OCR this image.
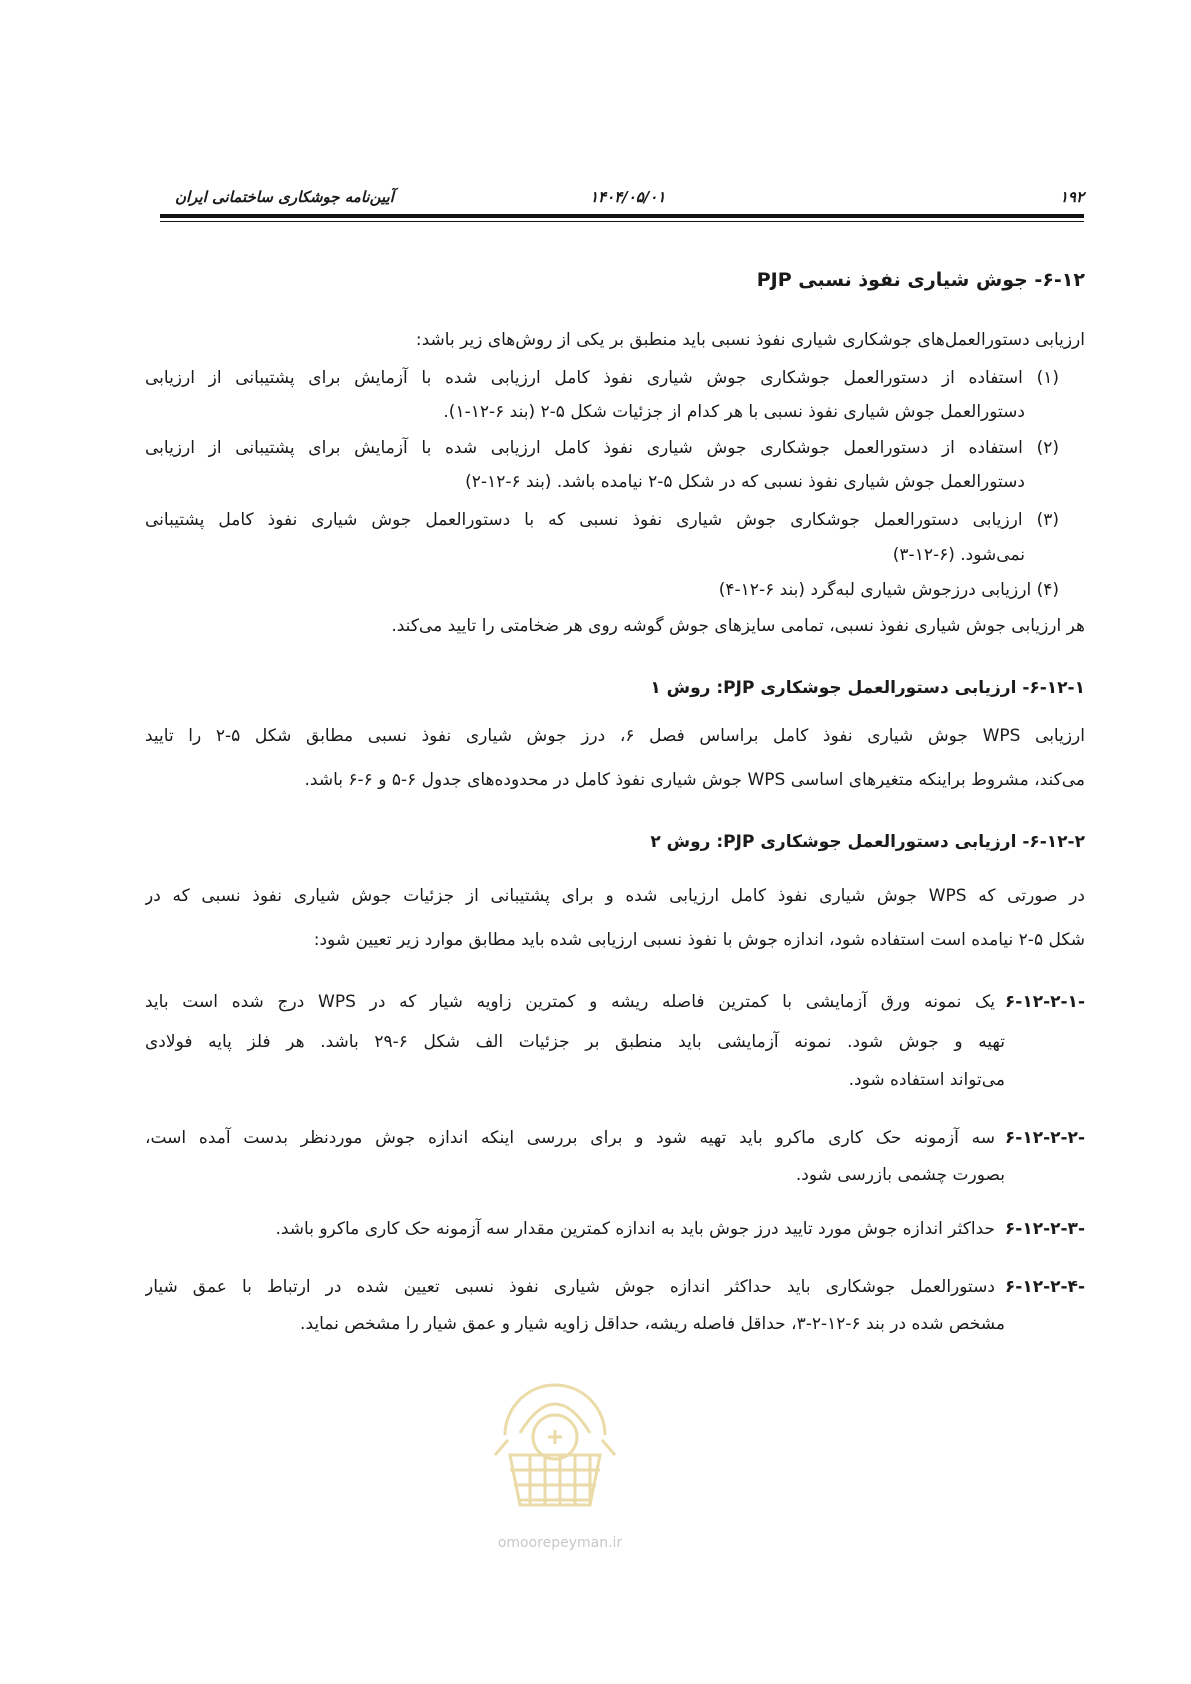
۱۹۲
۱۴۰۴/۰۵/۰۱
آیین‌نامه جوشکاری ساختمانی ایران
۶-۱۲- جوش شیاری نفوذ نسبی PJP
ارزیابی دستورالعمل‌های جوشکاری شیاری نفوذ نسبی باید منطبق بر یکی از روش‌های زیر باشد:
(۱) استفاده از دستورالعمل جوشکاری جوش شیاری نفوذ کامل ارزیابی شده با آزمایش برای پشتیبانی از ارزیابی
دستورالعمل جوش شیاری نفوذ نسبی با هر کدام از جزئیات شکل ۵-۲ (بند ۶-۱۲-۱).
(۲) استفاده از دستورالعمل جوشکاری جوش شیاری نفوذ کامل ارزیابی شده با آزمایش برای پشتیبانی از ارزیابی
دستورالعمل جوش شیاری نفوذ نسبی که در شکل ۵-۲ نیامده باشد. (بند ۶-۱۲-۲)
(۳) ارزیابی دستورالعمل جوشکاری جوش شیاری نفوذ نسبی که با دستورالعمل جوش شیاری نفوذ کامل پشتیبانی
نمی‌شود. (۶-۱۲-۳)
(۴) ارزیابی درزجوش شیاری لبه‌گرد (بند ۶-۱۲-۴)
هر ارزیابی جوش شیاری نفوذ نسبی، تمامی سایزهای جوش گوشه روی هر ضخامتی را تایید می‌کند.
۶-۱۲-۱- ارزیابی دستورالعمل جوشکاری PJP: روش ۱
ارزیابی WPS جوش شیاری نفوذ کامل براساس فصل ۶، درز جوش شیاری نفوذ نسبی مطابق شکل ۵-۲ را تایید
می‌کند، مشروط براینکه متغیرهای اساسی WPS جوش شیاری نفوذ کامل در محدوده‌های جدول ۶-۵ و ۶-۶ باشد.
۶-۱۲-۲- ارزیابی دستورالعمل جوشکاری PJP: روش ۲
در صورتی که WPS جوش شیاری نفوذ کامل ارزیابی شده و برای پشتیبانی از جزئیات جوش شیاری نفوذ نسبی که در
شکل ۵-۲ نیامده است استفاده شود، اندازه جوش با نفوذ نسبی ارزیابی شده باید مطابق موارد زیر تعیین شود:
۶-۱۲-۲-۱-
یک نمونه ورق آزمایشی با کمترین فاصله ریشه و کمترین زاویه شیار که در WPS درج شده است باید
تهیه و جوش شود. نمونه آزمایشی باید منطبق بر جزئیات الف شکل ۶-۲۹ باشد. هر فلز پایه فولادی
می‌تواند استفاده شود.
۶-۱۲-۲-۲-
سه آزمونه حک کاری ماکرو باید تهیه شود و برای بررسی اینکه اندازه جوش موردنظر بدست آمده است،
بصورت چشمی بازرسی شود.
۶-۱۲-۲-۳-
حداکثر اندازه جوش مورد تایید درز جوش باید به اندازه کمترین مقدار سه آزمونه حک کاری ماکرو باشد.
۶-۱۲-۲-۴-
دستورالعمل جوشکاری باید حداکثر اندازه جوش شیاری نفوذ نسبی تعیین شده در ارتباط با عمق شیار
مشخص شده در بند ۶-۱۲-۲-۳، حداقل فاصله ریشه، حداقل زاویه شیار و عمق شیار را مشخص نماید.
omoorepeyman.ir
